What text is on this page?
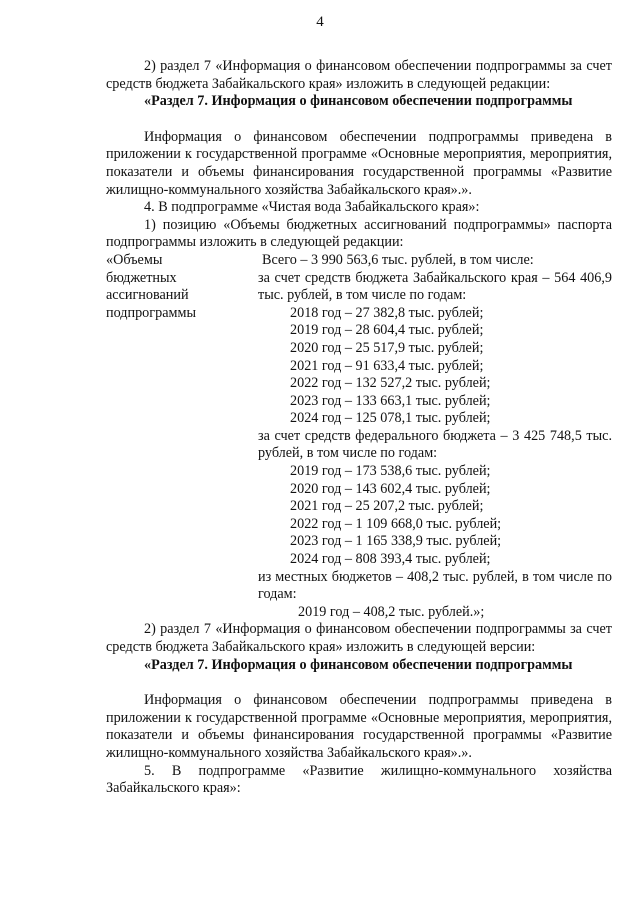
4

2) раздел 7 «Информация о финансовом обеспечении подпрограммы за счет средств бюджета Забайкальского края» изложить в следующей редакции:

«Раздел 7. Информация о финансовом обеспечении подпрограммы

Информация о финансовом обеспечении подпрограммы приведена в приложении к государственной программе «Основные мероприятия, мероприятия, показатели и объемы финансирования государственной программы «Развитие жилищно-коммунального хозяйства Забайкальского края».».

4. В подпрограмме «Чистая вода Забайкальского края»:

1) позицию «Объемы бюджетных ассигнований подпрограммы» паспорта подпрограммы изложить в следующей редакции:

«Объемы
бюджетных
ассигнований
подпрограммы

Всего – 3 990 563,6 тыс. рублей, в том числе:

за счет средств бюджета Забайкальского края – 564 406,9 тыс. рублей, в том числе по годам:

2018 год – 27 382,8 тыс. рублей;

2019 год – 28 604,4 тыс. рублей;

2020 год – 25 517,9 тыс. рублей;

2021 год – 91 633,4 тыс. рублей;

2022 год – 132 527,2 тыс. рублей;

2023 год – 133 663,1 тыс. рублей;

2024 год – 125 078,1 тыс. рублей;

за счет средств федерального бюджета – 3 425 748,5 тыс. рублей, в том числе по годам:

2019 год – 173 538,6 тыс. рублей;

2020 год – 143 602,4 тыс. рублей;

2021 год – 25 207,2 тыс. рублей;

2022 год – 1 109 668,0 тыс. рублей;

2023 год – 1 165 338,9 тыс. рублей;

2024 год – 808 393,4 тыс. рублей;

из местных бюджетов – 408,2 тыс. рублей, в том числе по годам:

2019 год – 408,2 тыс. рублей.»;

2) раздел 7 «Информация о финансовом обеспечении подпрограммы за счет средств бюджета Забайкальского края» изложить в следующей версии:

«Раздел 7. Информация о финансовом обеспечении подпрограммы

Информация о финансовом обеспечении подпрограммы приведена в приложении к государственной программе «Основные мероприятия, мероприятия, показатели и объемы финансирования государственной программы «Развитие жилищно-коммунального хозяйства Забайкальского края».».

5. В подпрограмме «Развитие жилищно-коммунального хозяйства Забайкальского края»:
